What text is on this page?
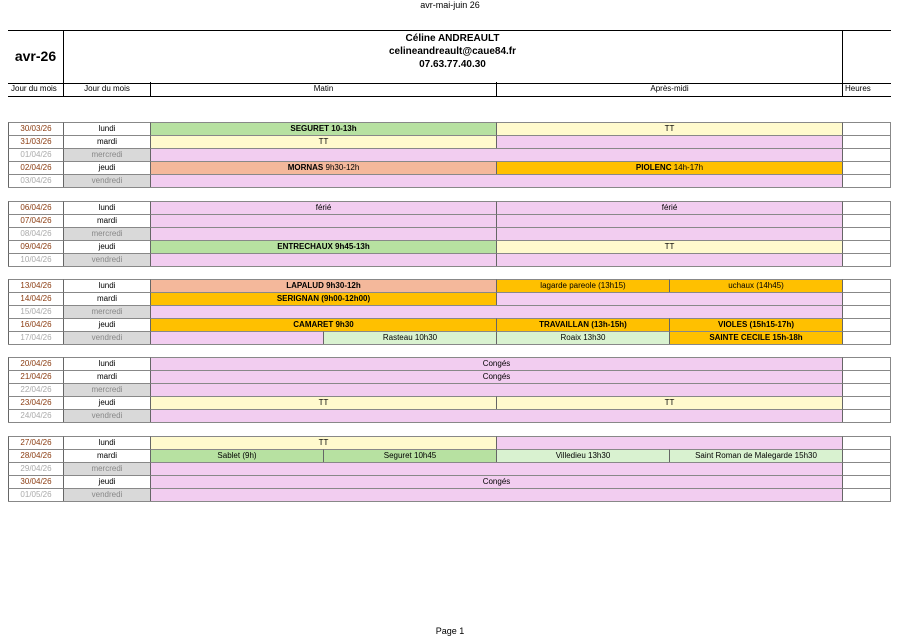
avr-mai-juin 26
avr-26
Céline ANDREAULT
celineandreault@caue84.fr
07.63.77.40.30
Jour du mois	Jour du mois	Matin	Après-midi	Heures
30/03/26	lundi	SEGURET 10-13h	TT
31/03/26	mardi	TT
01/04/26	mercredi
02/04/26	jeudi	MORNAS 9h30-12h	PIOLENC 14h-17h
03/04/26	vendredi
06/04/26	lundi	férié	férié
07/04/26	mardi
08/04/26	mercredi
09/04/26	jeudi	ENTRECHAUX 9h45-13h	TT
10/04/26	vendredi
13/04/26	lundi	LAPALUD 9h30-12h	lagarde pareole (13h15)	uchaux (14h45)
14/04/26	mardi	SERIGNAN (9h00-12h00)
15/04/26	mercredi
16/04/26	jeudi	CAMARET 9h30	TRAVAILLAN (13h-15h)	VIOLES (15h15-17h)
17/04/26	vendredi	Rasteau 10h30	Roaix 13h30	SAINTE CECILE 15h-18h
20/04/26	lundi	Congés
21/04/26	mardi	Congés
22/04/26	mercredi
23/04/26	jeudi	TT	TT
24/04/26	vendredi
27/04/26	lundi	TT
28/04/26	mardi	Sablet (9h)	Seguret 10h45	Villedieu 13h30	Saint Roman de Malegarde 15h30
29/04/26	mercredi
30/04/26	jeudi	Congés
01/05/26	vendredi
Page 1
